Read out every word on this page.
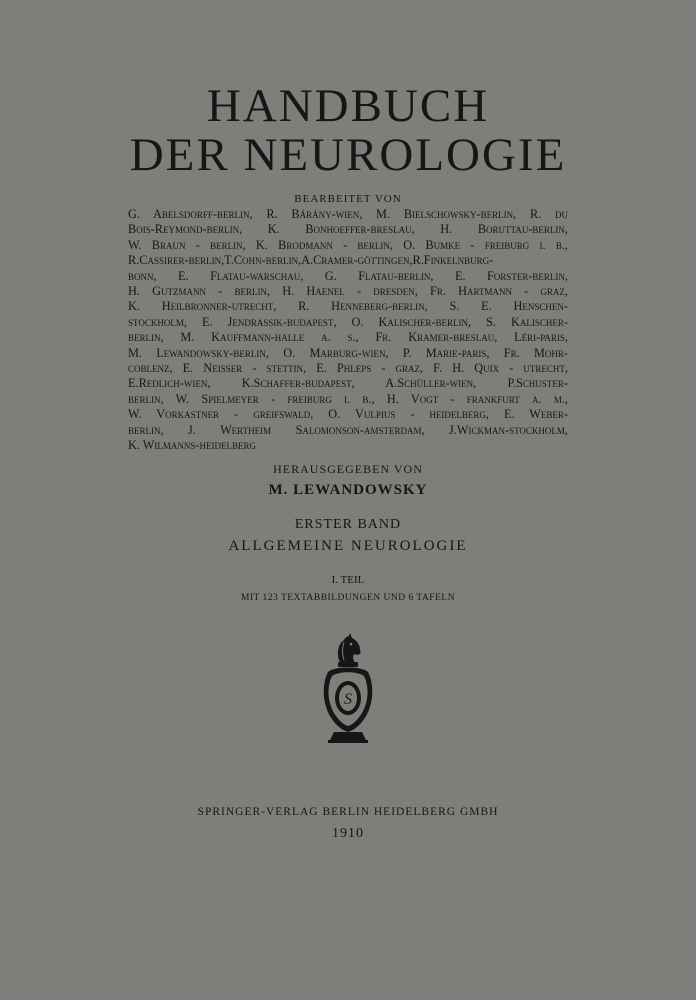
HANDBUCH
DER NEUROLOGIE
BEARBEITET VON
G. Abelsdorff-berlin, R. Bárány-wien, M. Bielschowsky-berlin, R. du
Bois-Reymond-berlin, K. Bonhoeffer-breslau, H. Boruttau-berlin,
W. Braun - berlin, K. Brodmann - berlin, O. Bumke - freiburg i. b.,
R.Cassirer-berlin,T.Cohn-berlin,A.Cramer-göttingen,R.Finkelnburg-
bonn, E. Flatau-warschau, G. Flatau-berlin, E. Forster-berlin,
H. Gutzmann - berlin, H. Haenel - dresden, Fr. Hartmann - graz,
K. Heilbronner-utrecht, R. Henneberg-berlin, S. E. Henschen-
stockholm, E. Jendrassik-budapest, O. Kalischer-berlin, S. Kalischer-
berlin, M. Kauffmann-halle a. s., Fr. Kramer-breslau, Léri-paris,
M. Lewandowsky-berlin, O. Marburg-wien, P. Marie-paris, Fr. Mohr-
coblenz, E. Neisser - stettin, E. Phleps - graz, F. H. Quix - utrecht,
E.Redlich-wien, K.Schaffer-budapest, A.Schüller-wien, P.Schuster-
berlin, W. Spielmeyer - freiburg i. b., H. Vogt - frankfurt a. m.,
W. Vorkastner - greifswald, O. Vulpius - heidelberg, E. Weber-
berlin, J. Wertheim Salomonson-amsterdam, J.Wickman-stockholm,
K. Wilmanns-heidelberg
HERAUSGEGEBEN VON
M. LEWANDOWSKY
ERSTER BAND
ALLGEMEINE NEUROLOGIE
I. TEIL
MIT 123 TEXTABBILDUNGEN UND 6 TAFELN
S
SPRINGER-VERLAG BERLIN HEIDELBERG GMBH
1910
